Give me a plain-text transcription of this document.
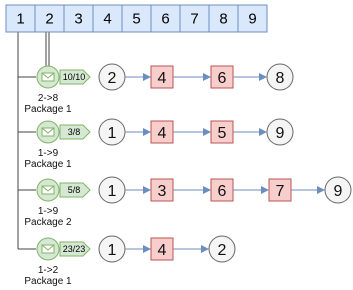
1 2 3 4 5 6 7 8 9
10/10
2->8
Package 1
2	4	6	8
3/8
1->9
Package 1
1	4	5	9
5/8
1->9
Package 2
1	3	6	7	9
23/23
1->2
Package 1
1	4	2
